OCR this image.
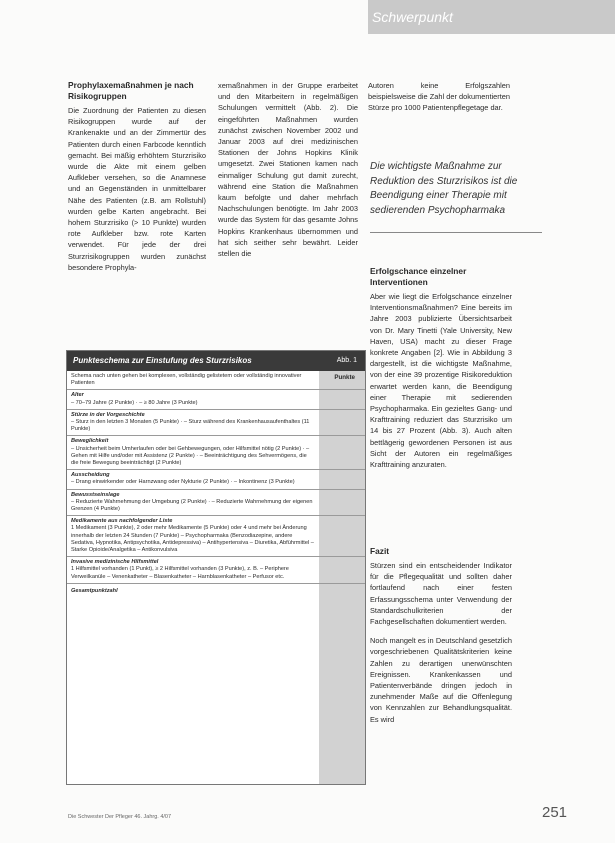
Schwerpunkt
Prophylaxemaßnahmen je nach Risikogruppen
Die Zuordnung der Patienten zu diesen Risikogruppen wurde auf der Krankenakte und an der Zimmertür des Patienten durch einen Farbcode kenntlich gemacht. Bei mäßig erhöhtem Sturzrisiko wurde die Akte mit einem gelben Aufkleber versehen, so die Anamnese und an Gegenständen in unmittelbarer Nähe des Patienten (z.B. am Rollstuhl) wurden gelbe Karten angebracht. Bei hohem Sturzrisiko (> 10 Punkte) wurden rote Aufkleber bzw. rote Karten verwendet. Für jede der drei Sturzrisikogruppen wurden zunächst besondere Prophyla-
xemaßnahmen in der Gruppe erarbeitet und den Mitarbeitern in regelmäßigen Schulungen vermittelt (Abb. 2). Die eingeführten Maßnahmen wurden zunächst zwischen November 2002 und Januar 2003 auf drei medizinischen Stationen der Johns Hopkins Klinik umgesetzt. Zwei Stationen kamen nach einmaliger Schulung gut damit zurecht, während eine Station die Maßnahmen kaum befolgte und daher mehrfach Nachschulungen benötigte. Im Jahr 2003 wurde das System für das gesamte Johns Hopkins Krankenhaus übernommen und hat sich seither sehr bewährt. Leider stellen die
Autoren keine Erfolgszahlen beispielsweise die Zahl der dokumentierten Stürze pro 1000 Patientenpflegetage dar.
Die wichtigste Maßnahme zur Reduktion des Sturzrisikos ist die Beendigung einer Therapie mit sedierenden Psychopharmaka
Erfolgschance einzelner Interventionen
Aber wie liegt die Erfolgschance einzelner Interventionsmaßnahmen? Eine bereits im Jahre 2003 publizierte Übersichtsarbeit von Dr. Mary Tinetti (Yale University, New Haven, USA) macht zu dieser Frage konkrete Angaben [2]. Wie in Abbildung 3 dargestellt, ist die wichtigste Maßnahme, von der eine 39 prozentige Risikoreduktion erwartet werden kann, die Beendigung einer Therapie mit sedierenden Psychopharmaka. Ein gezieltes Gang- und Krafttraining reduziert das Sturzrisiko um 14 bis 27 Prozent (Abb. 3). Auch alten bettlägerig gewordenen Personen ist aus Sicht der Autoren ein regelmäßiges Krafttraining anzuraten.
Fazit
Stürzen sind ein entscheidender Indikator für die Pflegequalität und sollten daher fortlaufend nach einer festen Erfassungsschema unter Verwendung der Standardschulkriterien der Fachgesellschaften dokumentiert werden.
Noch mangelt es in Deutschland gesetzlich vorgeschriebenen Qualitätskriterien keine Zahlen zu derartigen unerwünschten Ereignissen. Krankenkassen und Patientenverbände dringen jedoch in zunehmender Maße auf die Offenlegung von Kennzahlen zur Behandlungsqualität. Es wird
Punkteschema zur Einstufung des Sturzrisikos	Abb. 1
Schema nach unten gehen bei komplexen, vollständig gelistetem oder vollständig innovativer Patienten
Punkte
Alter
– 70–79 Jahre (2 Punkte) · – ≥ 80 Jahre (3 Punkte)
Stürze in der Vorgeschichte
– Sturz in den letzten 3 Monaten (5 Punkte) · – Sturz während des Krankenhausaufenthaltes (11 Punkte)
Beweglichkeit
– Unsicherheit beim Umherlaufen oder bei Gehbewegungen, oder Hilfsmittel nötig (2 Punkte) · – Gehen mit Hilfe und/oder mit Assistenz (2 Punkte) · – Beeinträchtigung des Sehvermögens, die die freie Bewegung beeinträchtigt (2 Punkte)
Ausscheidung
– Drang einwirkender oder Harnzwang oder Nykturie (2 Punkte) · – Inkontinenz (3 Punkte)
Bewusstseinslage
– Reduzierte Wahrnehmung der Umgebung (2 Punkte) · – Reduzierte Wahrnehmung der eigenen Grenzen (4 Punkte)
Medikamente aus nachfolgender Liste
1 Medikament (3 Punkte), 2 oder mehr Medikamente (5 Punkte) oder 4 und mehr bei Änderung innerhalb der letzten 24 Stunden (7 Punkte) – Psychopharmaka (Benzodiazepine, andere Sedativa, Hypnotika, Antipsychotika, Antidepressiva) – Antihypertensiva – Diuretika, Abführmittel – Starke Opioide/Analgetika – Antikonvulsiva
Invasive medizinische Hilfsmittel
1 Hilfsmittel vorhanden (1 Punkt), ≥ 2 Hilfsmittel vorhanden (3 Punkte), z. B. – Periphere Verweilkanüle – Venenkatheter – Blasenkatheter – Harnblasenkatheter – Perfusor etc.
Gesamtpunktzahl
Die Schwester Der Pfleger 46. Jahrg. 4/07	251
